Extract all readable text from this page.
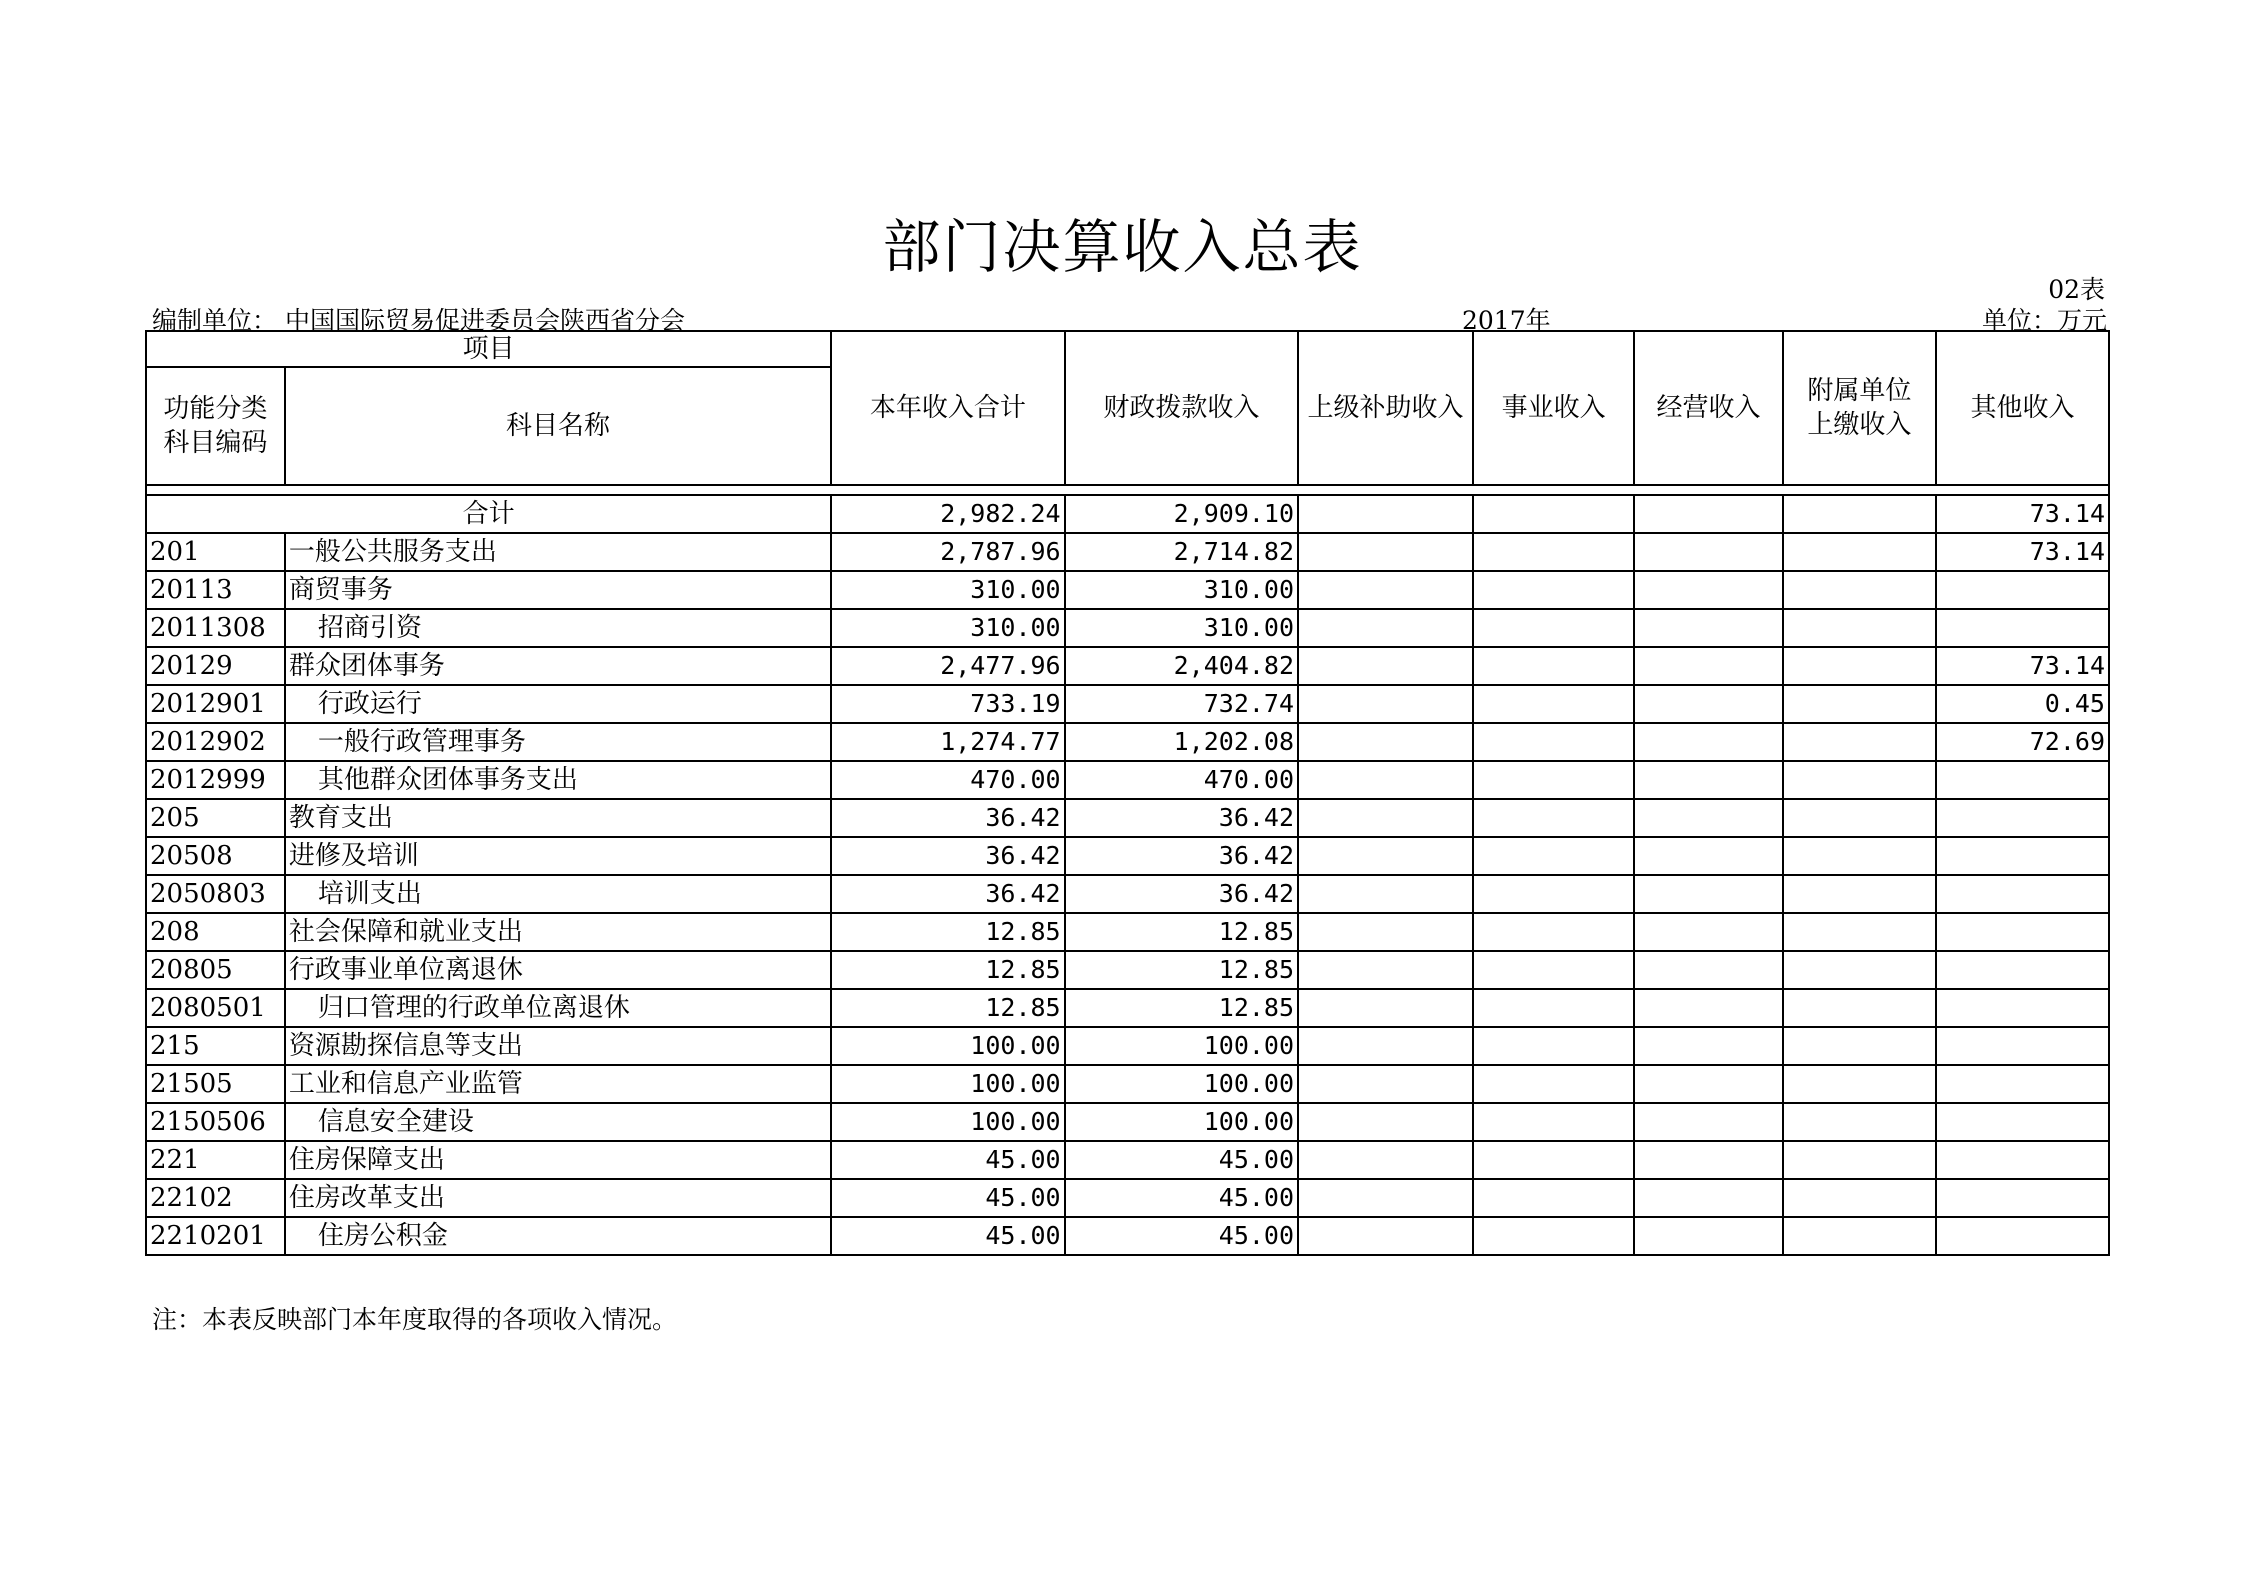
部门决算收入总表
02表
编制单位： 中国国际贸易促进委员会陕西省分会	2017年	单位：万元
项目		本年收入合计	财政拨款收入	上级补助收入	事业收入	经营收入	附属单位上缴收入	其他收入
功能分类科目编码	科目名称							

合计		2,982.24	2,909.10					73.14
201	一般公共服务支出	2,787.96	2,714.82					73.14
20113	商贸事务	310.00	310.00					
2011308	招商引资	310.00	310.00					
20129	群众团体事务	2,477.96	2,404.82					73.14
2012901	行政运行	733.19	732.74					0.45
2012902	一般行政管理事务	1,274.77	1,202.08					72.69
2012999	其他群众团体事务支出	470.00	470.00					
205	教育支出	36.42	36.42					
20508	进修及培训	36.42	36.42					
2050803	培训支出	36.42	36.42					
208	社会保障和就业支出	12.85	12.85					
20805	行政事业单位离退休	12.85	12.85					
2080501	归口管理的行政单位离退休	12.85	12.85					
215	资源勘探信息等支出	100.00	100.00					
21505	工业和信息产业监管	100.00	100.00					
2150506	信息安全建设	100.00	100.00					
221	住房保障支出	45.00	45.00					
22102	住房改革支出	45.00	45.00					
2210201	住房公积金	45.00	45.00					
注：本表反映部门本年度取得的各项收入情况。
